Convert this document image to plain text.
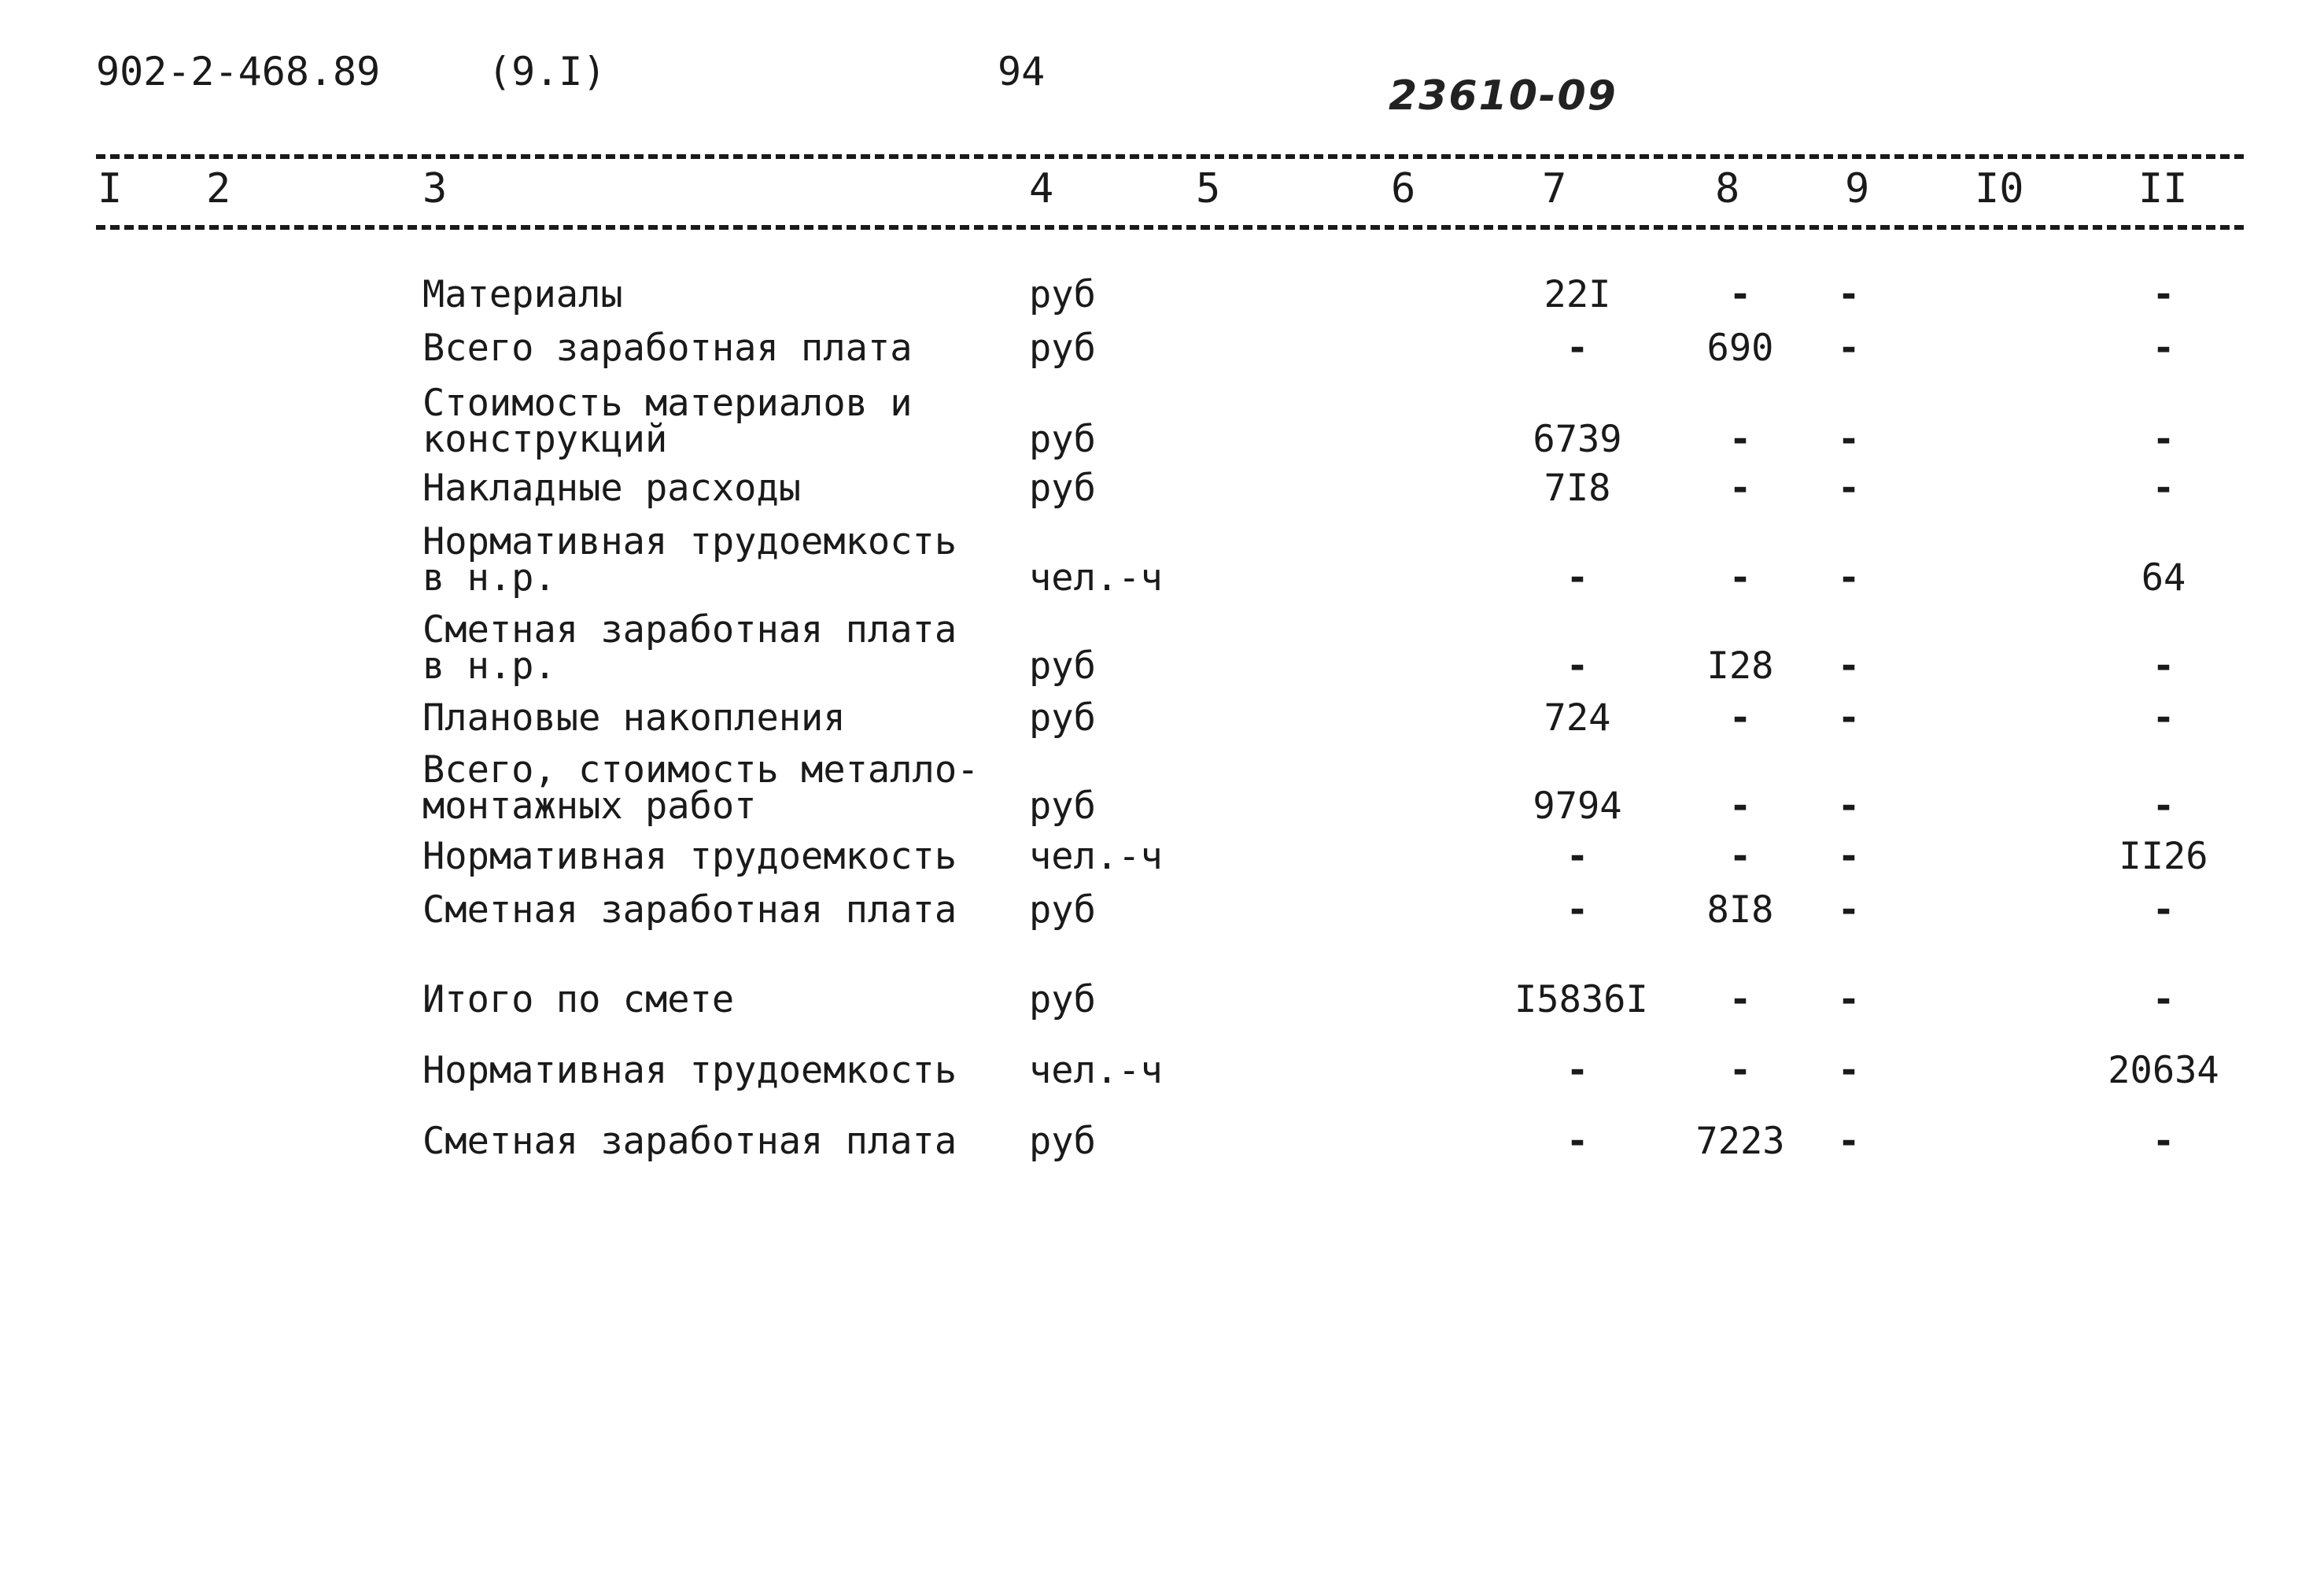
902-2-468.89	(9.I)	94
23610-09
I 2	3	4	5	6	7	8	9	I0	II
Материалы	руб	22I	-	-	-
Всего заработная плата	руб	-	690	-	-
Стоимость материалов и
конструкций	руб	6739	-	-	-
Накладные расходы	руб	7I8	-	-	-
Нормативная трудоемкость
в н.р.	чел.-ч	-	-	-	64
Сметная заработная плата
в н.р.	руб	-	I28	-	-
Плановые накопления	руб	724	-	-	-
Всего, стоимость металло-
монтажных работ	руб	9794	-	-	-
Нормативная трудоемкость чел.-ч	-	-	-	II26
Сметная заработная плата руб	-	8I8	-	-
Итого по смете	руб	I5836I	-	-	-
Нормативная трудоемкость чел.-ч	-	-	-	20634
Сметная заработная плата руб	-	7223	-	-
